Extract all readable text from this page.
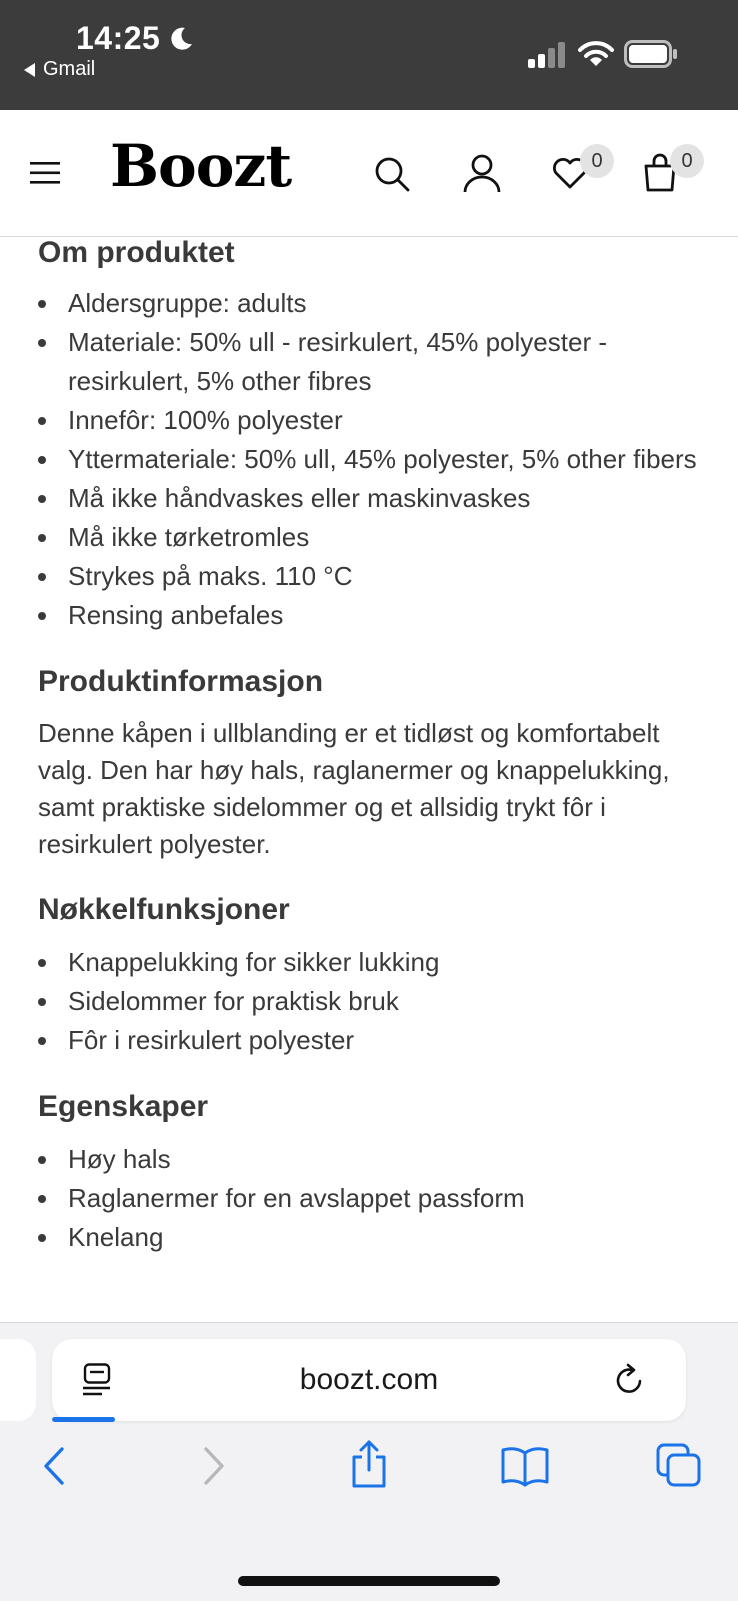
14:25
Gmail
Boozt	0	0
Om produktet
Aldersgruppe: adults
Materiale: 50% ull - resirkulert, 45% polyester - resirkulert, 5% other fibres
Innefôr: 100% polyester
Yttermateriale: 50% ull, 45% polyester, 5% other fibers
Må ikke håndvaskes eller maskinvaskes
Må ikke tørketromles
Strykes på maks. 110 °C
Rensing anbefales
Produktinformasjon

Denne kåpen i ullblanding er et tidløst og komfortabelt valg. Den har høy hals, raglanermer og knappelukking, samt praktiske sidelommer og et allsidig trykt fôr i resirkulert polyester.

Nøkkelfunksjoner
Knappelukking for sikker lukking
Sidelommer for praktisk bruk
Fôr i resirkulert polyester
Egenskaper
Høy hals
Raglanermer for en avslappet passform
Knelang
boozt.com
